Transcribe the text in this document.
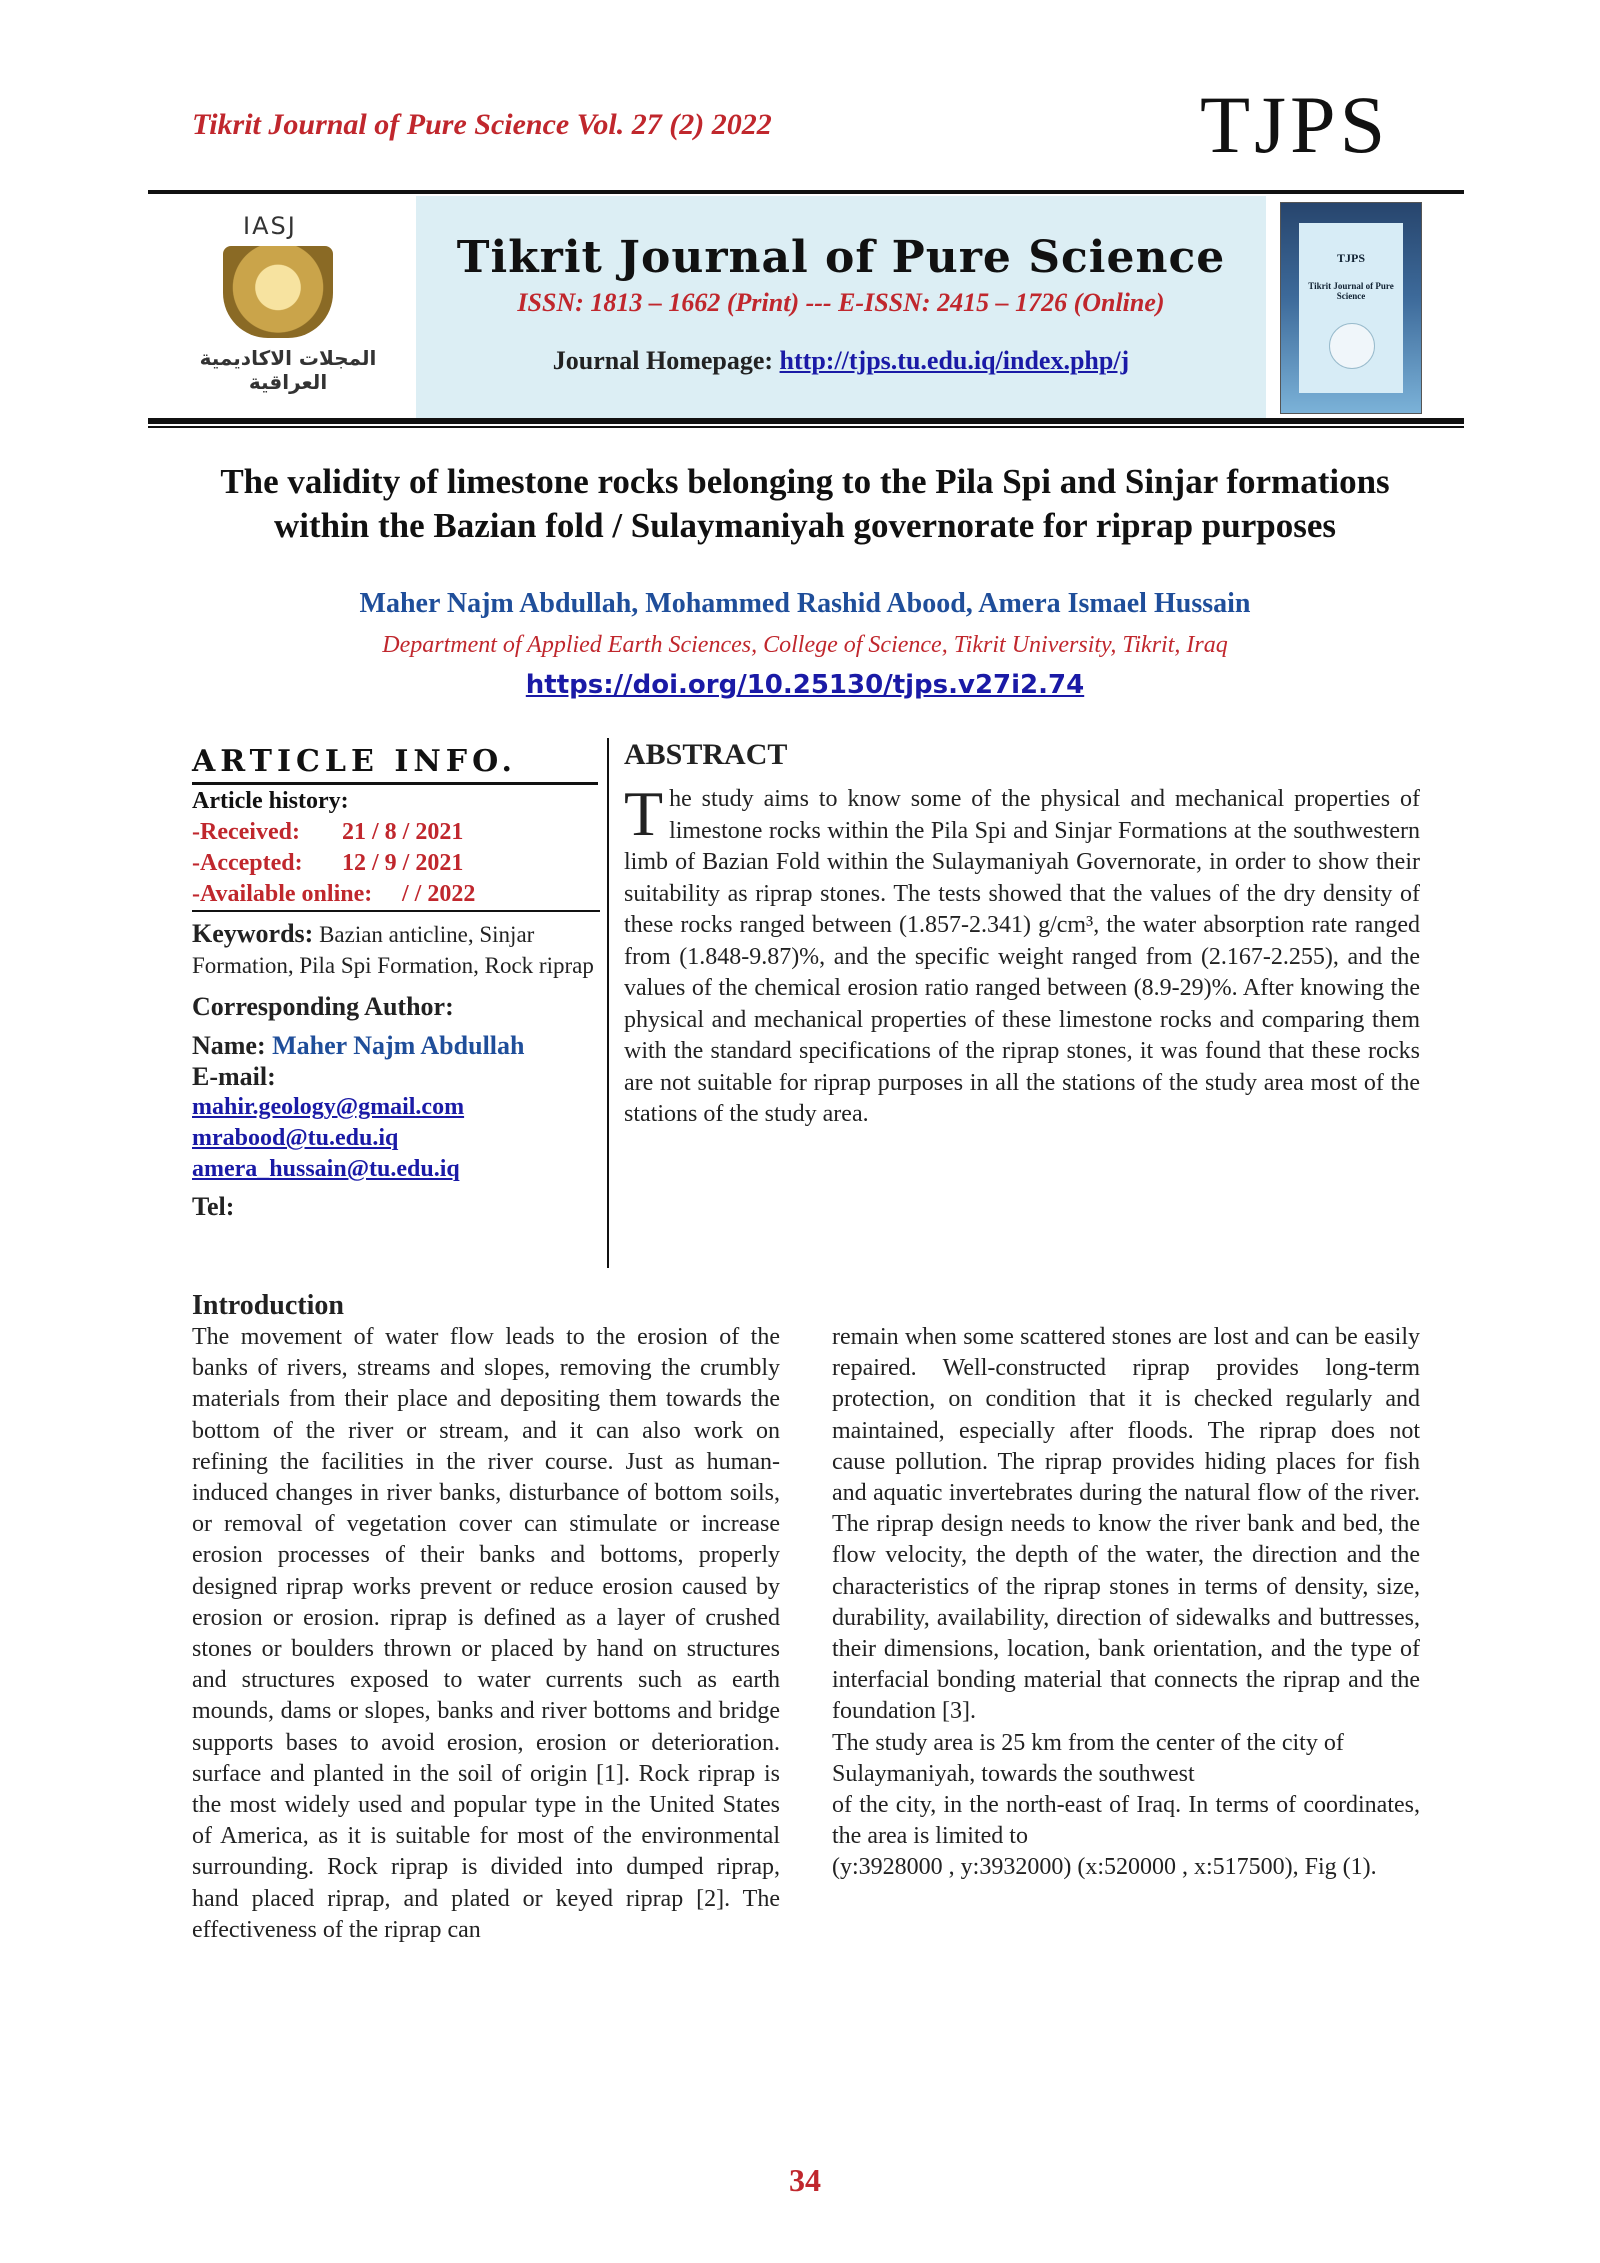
Tikrit Journal of Pure Science Vol. 27 (2) 2022	TJPS
IASJ
المجلات الاكاديمية العراقية
Tikrit Journal of Pure Science
ISSN: 1813 – 1662 (Print) --- E-ISSN: 2415 – 1726 (Online)
Journal Homepage: http://tjps.tu.edu.iq/index.php/j
TJPS
Tikrit Journal of Pure Science
The validity of limestone rocks belonging to the Pila Spi and Sinjar formations within the Bazian fold / Sulaymaniyah governorate for riprap purposes
Maher Najm Abdullah, Mohammed Rashid Abood, Amera Ismael Hussain
Department of Applied Earth Sciences, College of Science, Tikrit University, Tikrit, Iraq
https://doi.org/10.25130/tjps.v27i2.74
ARTICLE INFO.
Article history:
-Received: 21 / 8 / 2021
-Accepted: 12 / 9 / 2021
-Available online: / / 2022
Keywords: Bazian anticline, Sinjar Formation, Pila Spi Formation, Rock riprap
Corresponding Author:
Name: Maher Najm Abdullah
E-mail:
mahir.geology@gmail.com
mrabood@tu.edu.iq
amera_hussain@tu.edu.iq
Tel:
ABSTRACT
T he study aims to know some of the physical and mechanical properties of limestone rocks within the Pila Spi and Sinjar Formations at the southwestern limb of Bazian Fold within the Sulaymaniyah Governorate, in order to show their suitability as riprap stones. The tests showed that the values of the dry density of these rocks ranged between (1.857-2.341) g/cm³, the water absorption rate ranged from (1.848-9.87)%, and the specific weight ranged from (2.167-2.255), and the values of the chemical erosion ratio ranged between (8.9-29)%. After knowing the physical and mechanical properties of these limestone rocks and comparing them with the standard specifications of the riprap stones, it was found that these rocks are not suitable for riprap purposes in all the stations of the study area most of the stations of the study area.
Introduction

The movement of water flow leads to the erosion of the banks of rivers, streams and slopes, removing the crumbly materials from their place and depositing them towards the bottom of the river or stream, and it can also work on refining the facilities in the river course. Just as human-induced changes in river banks, disturbance of bottom soils, or removal of vegetation cover can stimulate or increase erosion processes of their banks and bottoms, properly designed riprap works prevent or reduce erosion caused by erosion or erosion. riprap is defined as a layer of crushed stones or boulders thrown or placed by hand on structures and structures exposed to water currents such as earth mounds, dams or slopes, banks and river bottoms and bridge supports bases to avoid erosion, erosion or deterioration. surface and planted in the soil of origin [1]. Rock riprap is the most widely used and popular type in the United States of America, as it is suitable for most of the environmental surrounding. Rock riprap is divided into dumped riprap, hand placed riprap, and plated or keyed riprap [2]. The effectiveness of the riprap can

remain when some scattered stones are lost and can be easily repaired. Well-constructed riprap provides long-term protection, on condition that it is checked regularly and maintained, especially after floods. The riprap does not cause pollution. The riprap provides hiding places for fish and aquatic invertebrates during the natural flow of the river. The riprap design needs to know the river bank and bed, the flow velocity, the depth of the water, the direction and the characteristics of the riprap stones in terms of density, size, durability, availability, direction of sidewalks and buttresses, their dimensions, location, bank orientation, and the type of interfacial bonding material that connects the riprap and the foundation [3].

The study area is 25 km from the center of the city of Sulaymaniyah, towards the southwest

of the city, in the north-east of Iraq. In terms of coordinates, the area is limited to

(y:3928000 , y:3932000) (x:520000 , x:517500), Fig (1).

34
